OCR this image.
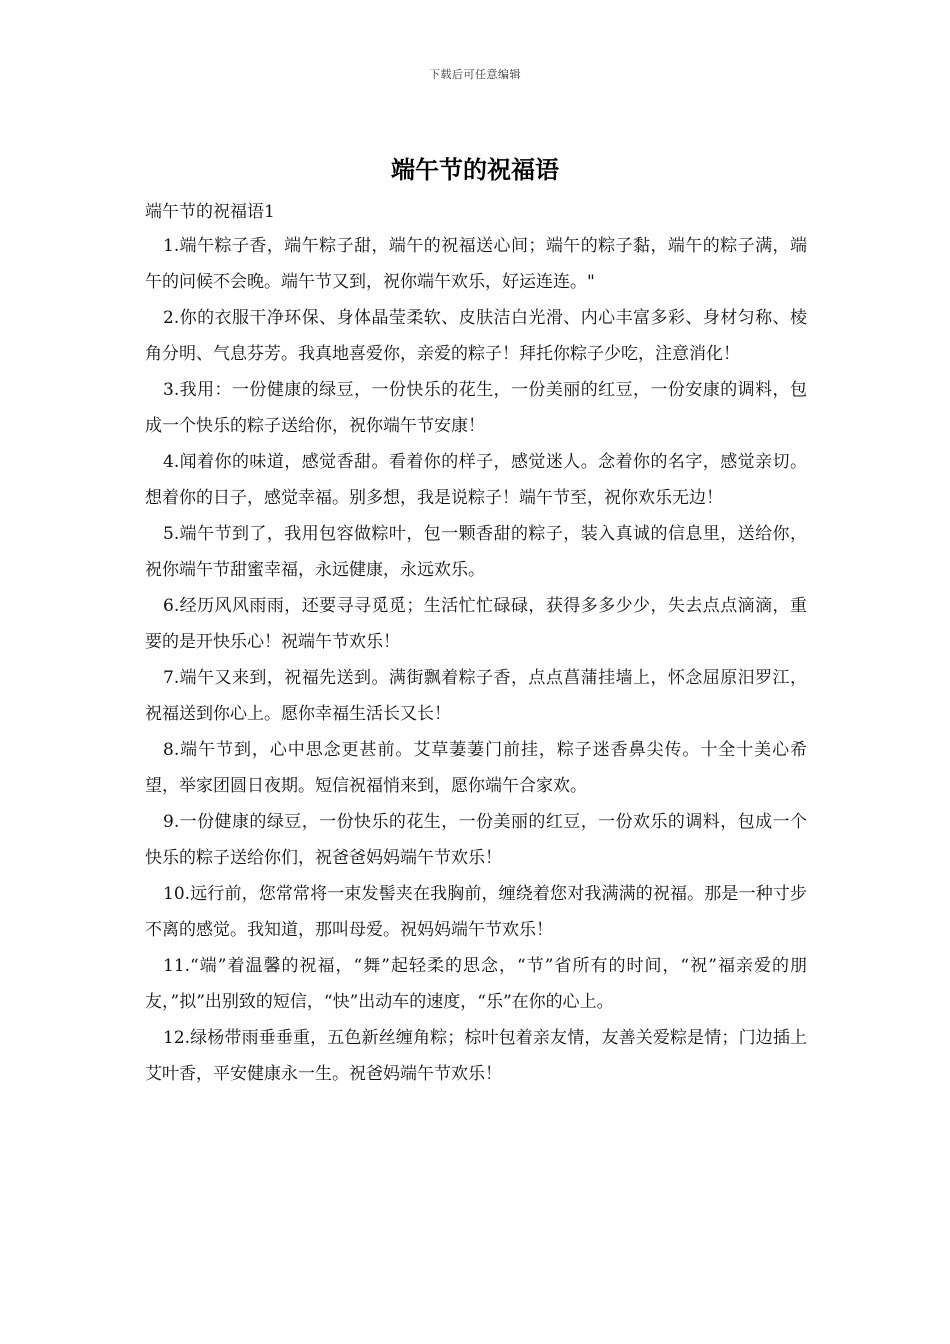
下载后可任意编辑
端午节的祝福语

端午节的祝福语1

1.端午粽子香，端午粽子甜，端午的祝福送心间；端午的粽子黏，端午的粽子满，端午的问候不会晚。端午节又到，祝你端午欢乐，好运连连。"

2.你的衣服干净环保、身体晶莹柔软、皮肤洁白光滑、内心丰富多彩、身材匀称、棱角分明、气息芬芳。我真地喜爱你，亲爱的粽子！拜托你粽子少吃，注意消化！

3.我用：一份健康的绿豆，一份快乐的花生，一份美丽的红豆，一份安康的调料，包成一个快乐的粽子送给你，祝你端午节安康！

4.闻着你的味道，感觉香甜。看着你的样子，感觉迷人。念着你的名字，感觉亲切。想着你的日子，感觉幸福。别多想，我是说粽子！端午节至，祝你欢乐无边！

5.端午节到了，我用包容做粽叶，包一颗香甜的粽子，装入真诚的信息里，送给你，祝你端午节甜蜜幸福，永远健康，永远欢乐。

6.经历风风雨雨，还要寻寻觅觅；生活忙忙碌碌，获得多多少少，失去点点滴滴，重要的是开快乐心！祝端午节欢乐！

7.端午又来到，祝福先送到。满街飘着粽子香，点点菖蒲挂墙上，怀念屈原汨罗江，祝福送到你心上。愿你幸福生活长又长！

8.端午节到，心中思念更甚前。艾草萋萋门前挂，粽子迷香鼻尖传。十全十美心希望，举家团圆日夜期。短信祝福悄来到，愿你端午合家欢。

9.一份健康的绿豆，一份快乐的花生，一份美丽的红豆，一份欢乐的调料，包成一个快乐的粽子送给你们，祝爸爸妈妈端午节欢乐！

10.远行前，您常常将一束发髻夹在我胸前，缠绕着您对我满满的祝福。那是一种寸步不离的感觉。我知道，那叫母爱。祝妈妈端午节欢乐！

11.“端”着温馨的祝福，“舞”起轻柔的思念，“节”省所有的时间，“祝”福亲爱的朋友，”拟”出别致的短信，“快”出动车的速度，“乐”在你的心上。

12.绿杨带雨垂垂重，五色新丝缠角粽；棕叶包着亲友情，友善关爱粽是情；门边插上艾叶香，平安健康永一生。祝爸妈端午节欢乐！
